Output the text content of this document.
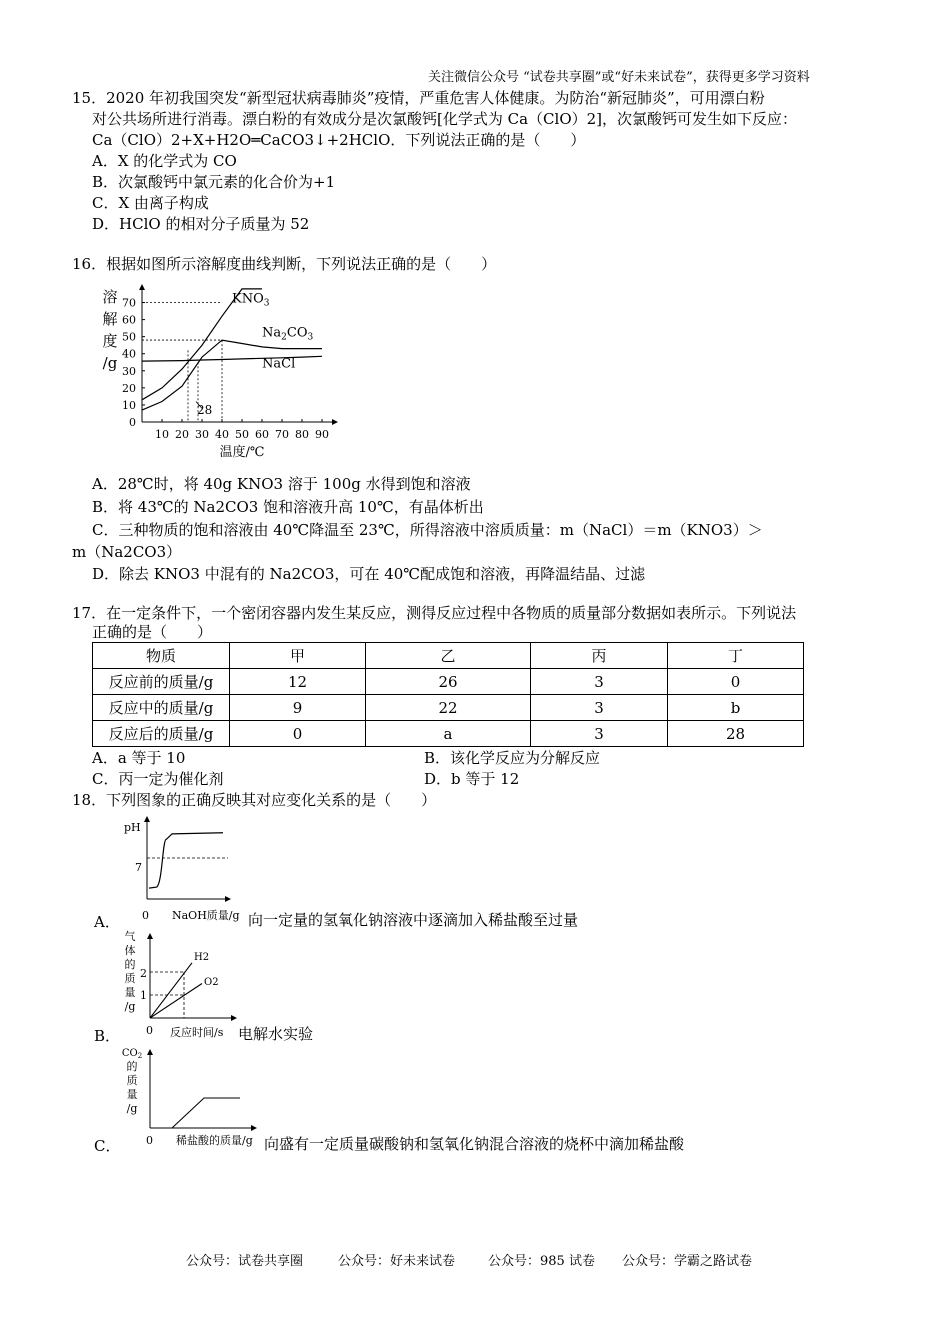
关注微信公众号 “试卷共享圈”或“好未来试卷”，获得更多学习资料
15．2020 年初我国突发“新型冠状病毒肺炎”疫情，严重危害人体健康。为防治“新冠肺炎”，可用漂白粉
对公共场所进行消毒。漂白粉的有效成分是次氯酸钙[化学式为 Ca（ClO）2]，次氯酸钙可发生如下反应：
Ca（ClO）2+X+H2O═CaCO3↓+2HClO．下列说法正确的是（　　）
A．X 的化学式为 CO
B．次氯酸钙中氯元素的化合价为+1
C．X 由离子构成
D．HClO 的相对分子质量为 52
16．根据如图所示溶解度曲线判断，下列说法正确的是（　　）
溶
解
度
/g
0
10
20
30
40
50
60
70
10 20 30 40 50 60 70 80 90
$KNO_3$
$Na_2CO_3$
NaCl
温度/℃
28
A．28℃时，将 40g KNO3 溶于 100g 水得到饱和溶液
B．将 43℃的 Na2CO3 饱和溶液升高 10℃，有晶体析出
C．三种物质的饱和溶液由 40℃降温至 23℃，所得溶液中溶质质量：m（NaCl）＝m（KNO3）＞
m（Na2CO3）
D．除去 KNO3 中混有的 Na2CO3，可在 40℃配成饱和溶液，再降温结晶、过滤
17．在一定条件下，一个密闭容器内发生某反应，测得反应过程中各物质的质量部分数据如表所示。下列说法
正确的是（　　）
物质	甲	乙	丙	丁
反应前的质量/g	12	26	3	0
反应中的质量/g	9	22	3	b
反应后的质量/g	0	a	3	28
A．a 等于 10	B．该化学反应为分解反应
C．丙一定为催化剂	D．b 等于 12
18．下列图象的正确反映其对应变化关系的是（　　）
pH
7
0 NaOH质量/g
A．	向一定量的氢氧化钠溶液中逐滴加入稀盐酸至过量
气
体
的
质
量
/g
1
2
H2
O2
0 反应时间/s
B．	电解水实验
$CO_2$
的
质
量
/g
0 稀盐酸的质量/g
C．	向盛有一定质量碳酸钠和氢氧化钠混合溶液的烧杯中滴加稀盐酸
公众号：试卷共享圈	公众号：好未来试卷	公众号：985 试卷 公众号：学霸之路试卷
